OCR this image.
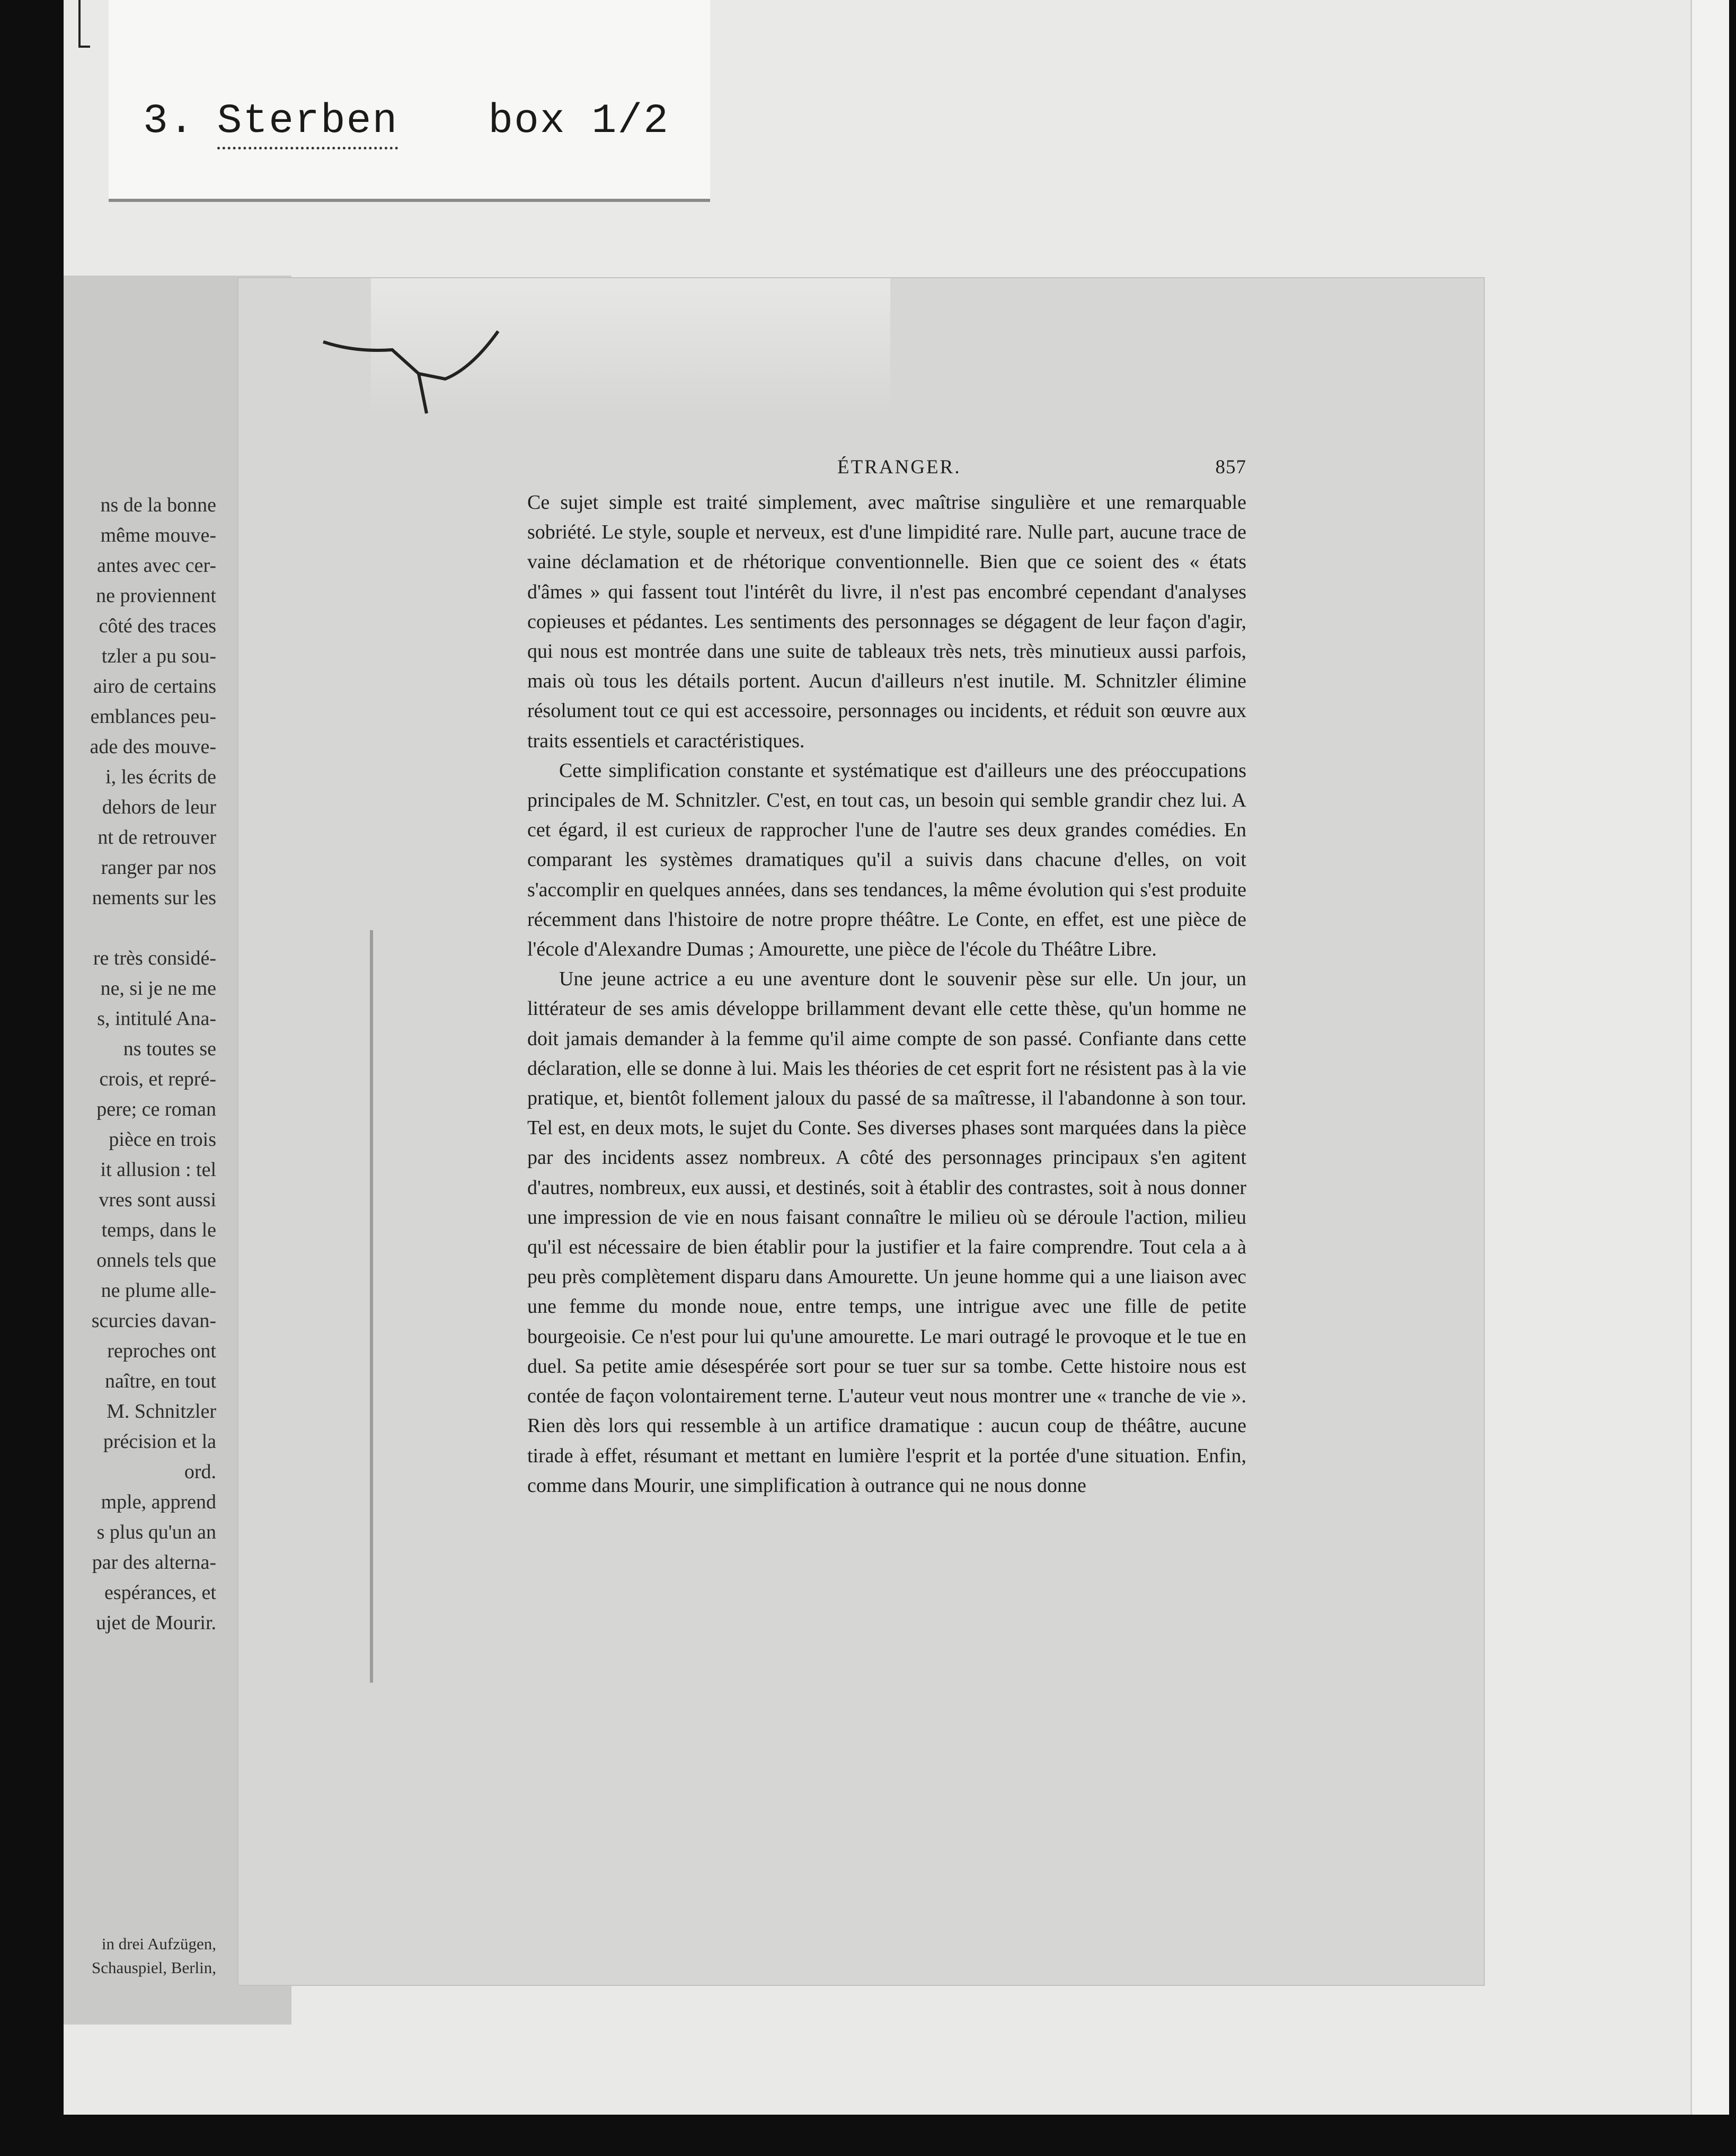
3. Sterben box 1/2
ns de la bonne
même mouve-
antes avec cer-
ne proviennent
côté des traces
tzler a pu sou-
airo de certains
emblances peu-
ade des mouve-
i, les écrits de
dehors de leur
nt de retrouver
ranger par nos
nements sur les

re très considé-
ne, si je ne me
s, intitulé Ana-
ns toutes se
crois, et repré-
pere; ce roman
pièce en trois
it allusion : tel
vres sont aussi
temps, dans le
onnels tels que
ne plume alle-
scurcies davan-
reproches ont
naître, en tout
M. Schnitzler
précision et la
ord.
mple, apprend
s plus qu'un an
par des alterna-
espérances, et
ujet de Mourir.
in drei Aufzügen,
Schauspiel, Berlin,
ÉTRANGER.	857

Ce sujet simple est traité simplement, avec maîtrise singulière et une remarquable sobriété. Le style, souple et nerveux, est d'une limpidité rare. Nulle part, aucune trace de vaine déclamation et de rhétorique conventionnelle. Bien que ce soient des « états d'âmes » qui fassent tout l'intérêt du livre, il n'est pas encombré cependant d'analyses copieuses et pédantes. Les sentiments des personnages se dégagent de leur façon d'agir, qui nous est montrée dans une suite de tableaux très nets, très minutieux aussi parfois, mais où tous les détails portent. Aucun d'ailleurs n'est inutile. M. Schnitzler élimine résolument tout ce qui est accessoire, personnages ou incidents, et réduit son œuvre aux traits essentiels et caractéristiques.

Cette simplification constante et systématique est d'ailleurs une des préoccupations principales de M. Schnitzler. C'est, en tout cas, un besoin qui semble grandir chez lui. A cet égard, il est curieux de rapprocher l'une de l'autre ses deux grandes comédies. En comparant les systèmes dramatiques qu'il a suivis dans chacune d'elles, on voit s'accomplir en quelques années, dans ses tendances, la même évolution qui s'est produite récemment dans l'histoire de notre propre théâtre. Le Conte, en effet, est une pièce de l'école d'Alexandre Dumas ; Amourette, une pièce de l'école du Théâtre Libre.

Une jeune actrice a eu une aventure dont le souvenir pèse sur elle. Un jour, un littérateur de ses amis développe brillamment devant elle cette thèse, qu'un homme ne doit jamais demander à la femme qu'il aime compte de son passé. Confiante dans cette déclaration, elle se donne à lui. Mais les théories de cet esprit fort ne résistent pas à la vie pratique, et, bientôt follement jaloux du passé de sa maîtresse, il l'abandonne à son tour. Tel est, en deux mots, le sujet du Conte. Ses diverses phases sont marquées dans la pièce par des incidents assez nombreux. A côté des personnages principaux s'en agitent d'autres, nombreux, eux aussi, et destinés, soit à établir des contrastes, soit à nous donner une impression de vie en nous faisant connaître le milieu où se déroule l'action, milieu qu'il est nécessaire de bien établir pour la justifier et la faire comprendre. Tout cela a à peu près complètement disparu dans Amourette. Un jeune homme qui a une liaison avec une femme du monde noue, entre temps, une intrigue avec une fille de petite bourgeoisie. Ce n'est pour lui qu'une amourette. Le mari outragé le provoque et le tue en duel. Sa petite amie désespérée sort pour se tuer sur sa tombe. Cette histoire nous est contée de façon volontairement terne. L'auteur veut nous montrer une « tranche de vie ». Rien dès lors qui ressemble à un artifice dramatique : aucun coup de théâtre, aucune tirade à effet, résumant et mettant en lumière l'esprit et la portée d'une situation. Enfin, comme dans Mourir, une simplification à outrance qui ne nous donne
